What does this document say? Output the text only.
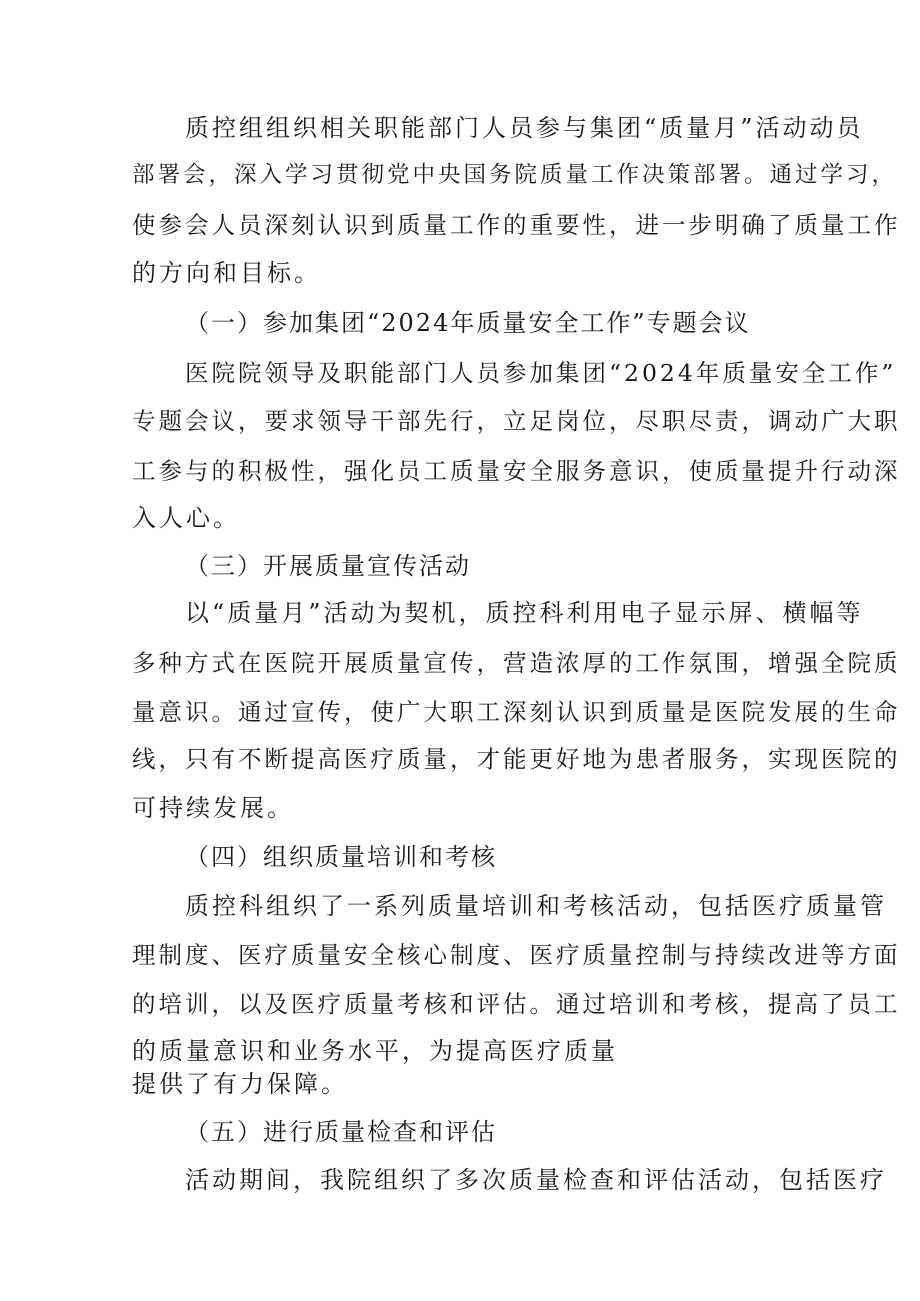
质控组组织相关职能部门人员参与集团“质量月”活动动员
部署会，深入学习贯彻党中央国务院质量工作决策部署。通过学习，
使参会人员深刻认识到质量工作的重要性，进一步明确了质量工作
的方向和目标。
（一）参加集团“2024年质量安全工作”专题会议
医院院领导及职能部门人员参加集团“2024年质量安全工作”
专题会议，要求领导干部先行，立足岗位，尽职尽责，调动广大职
工参与的积极性，强化员工质量安全服务意识，使质量提升行动深
入人心。
（三）开展质量宣传活动
以“质量月”活动为契机，质控科利用电子显示屏、横幅等
多种方式在医院开展质量宣传，营造浓厚的工作氛围，增强全院质
量意识。通过宣传，使广大职工深刻认识到质量是医院发展的生命
线，只有不断提高医疗质量，才能更好地为患者服务，实现医院的
可持续发展。
（四）组织质量培训和考核
质控科组织了一系列质量培训和考核活动，包括医疗质量管
理制度、医疗质量安全核心制度、医疗质量控制与持续改进等方面
的培训，以及医疗质量考核和评估。通过培训和考核，提高了员工
的质量意识和业务水平，为提高医疗质量
提供了有力保障。
（五）进行质量检查和评估
活动期间，我院组织了多次质量检查和评估活动，包括医疗
